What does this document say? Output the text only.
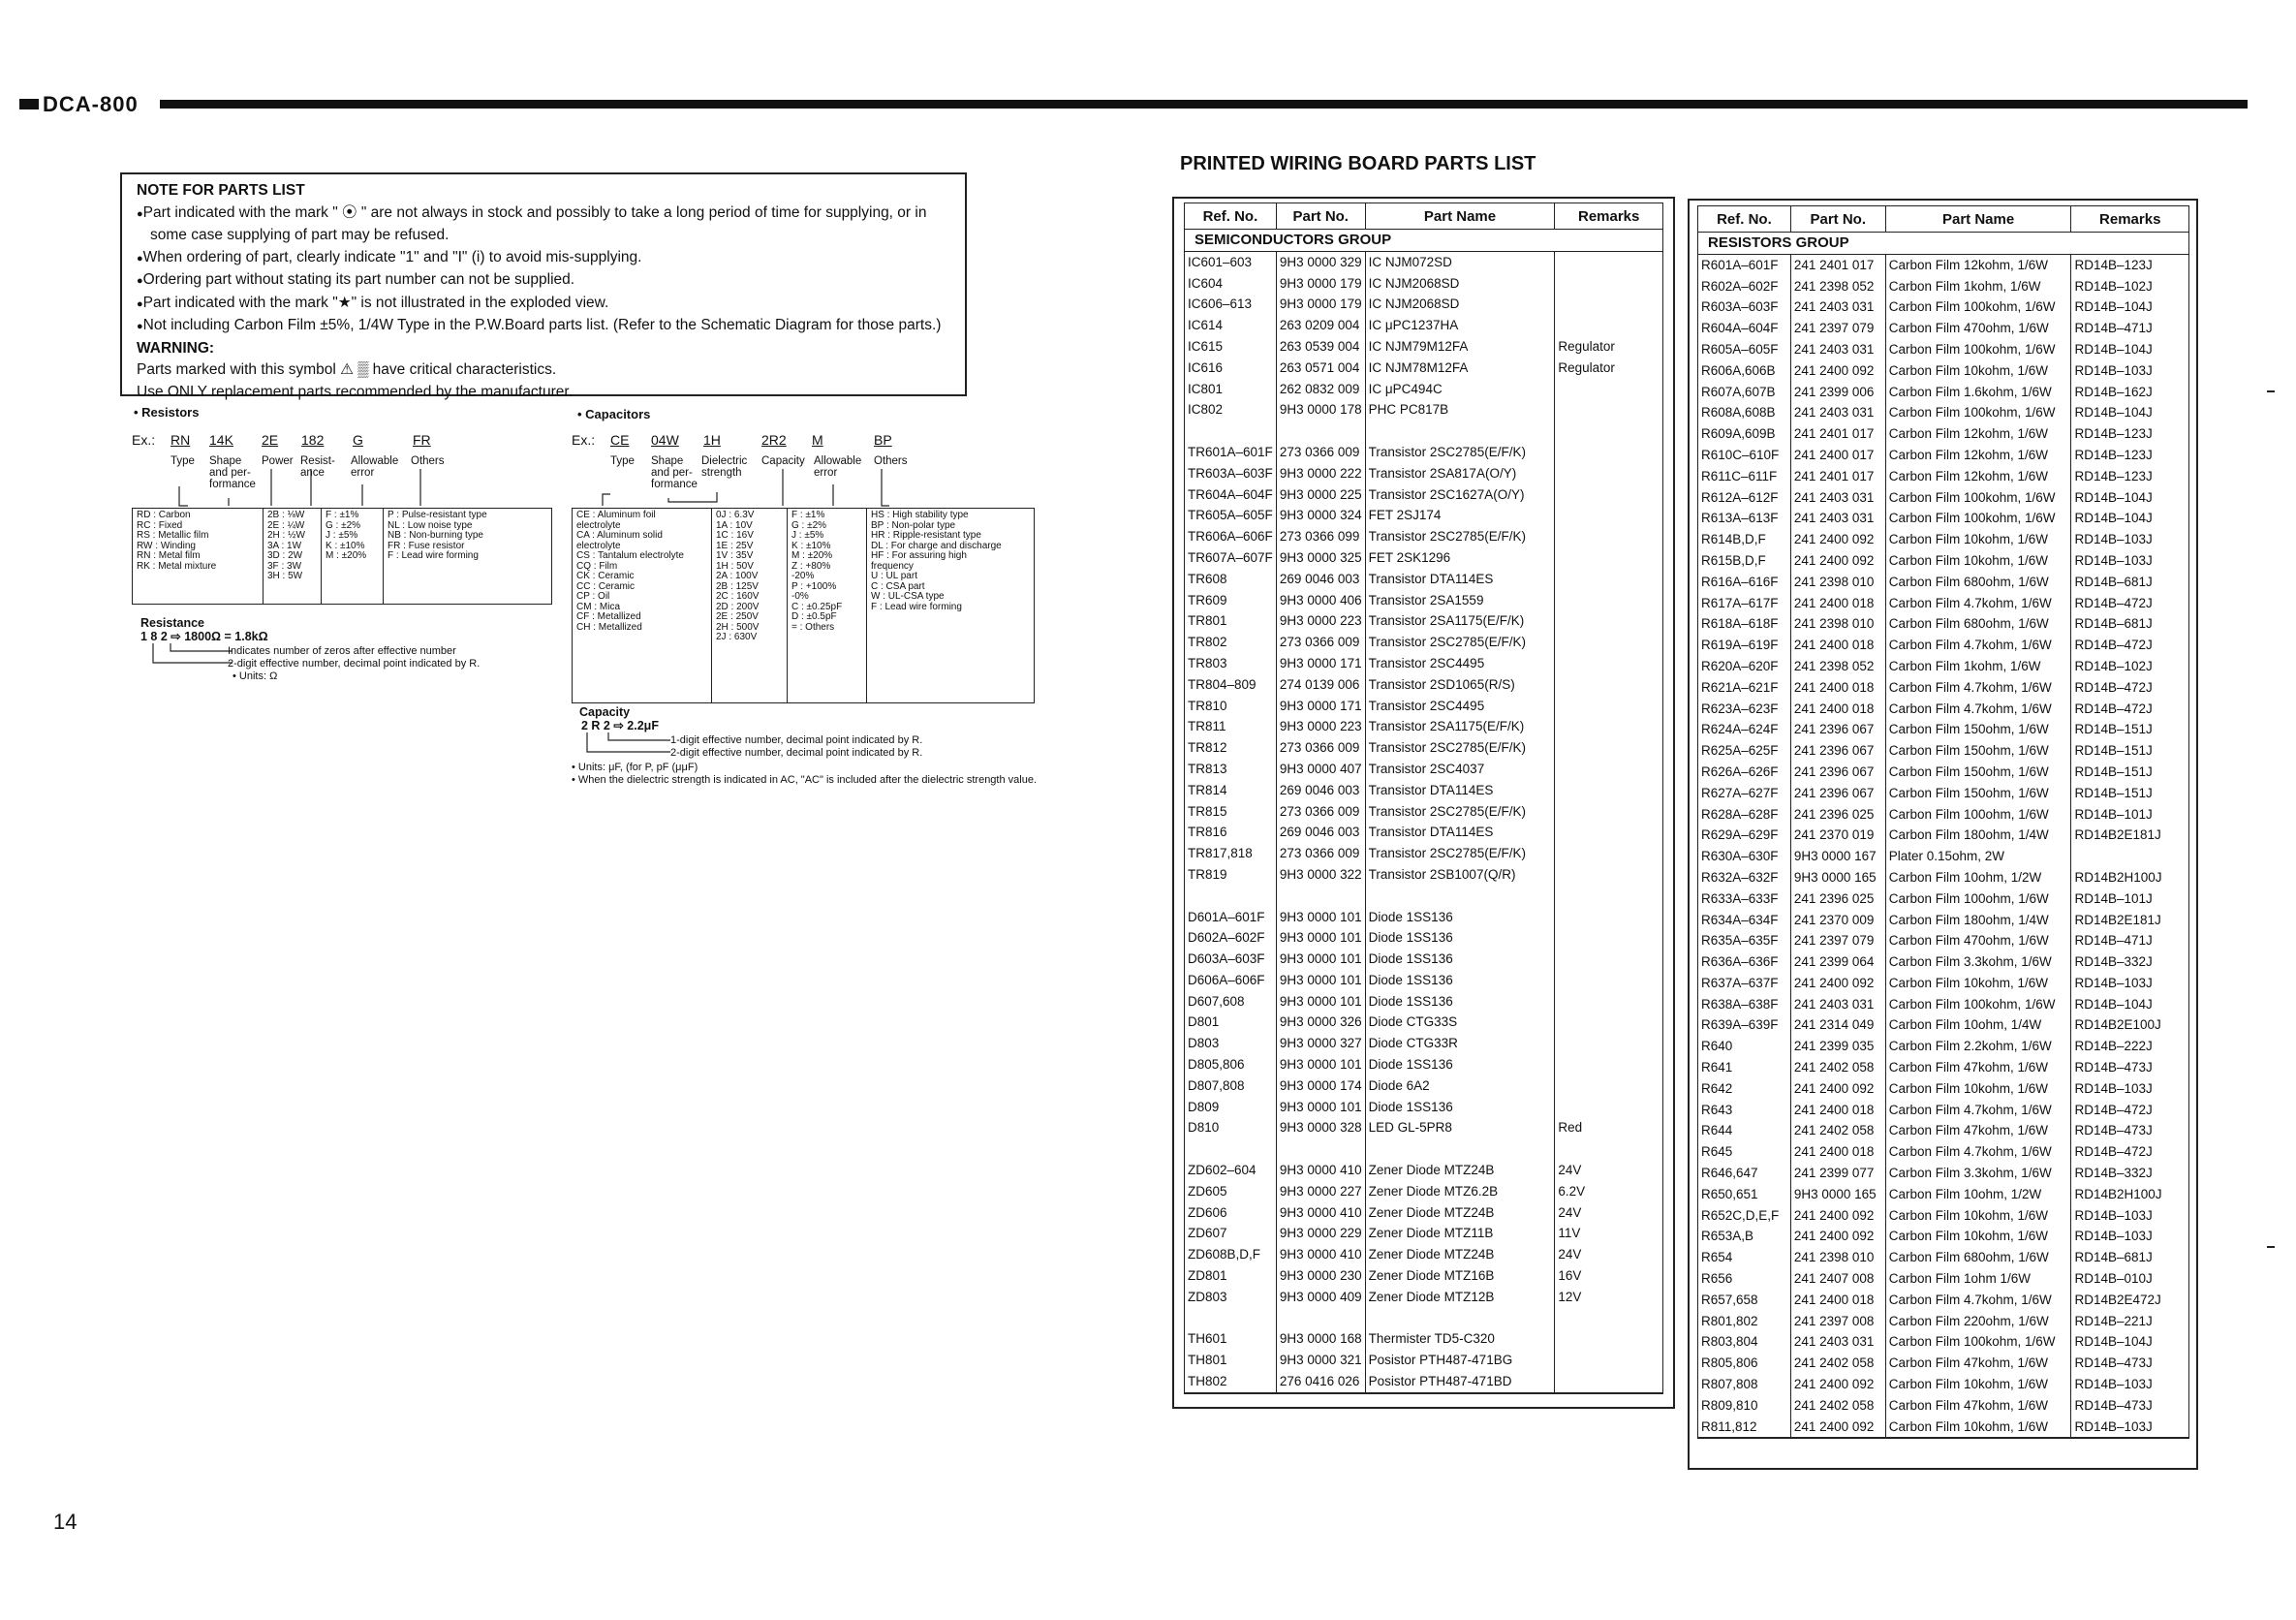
DCA-800
NOTE FOR PARTS LIST
● Part indicated with the mark " ⦿ " are not always in stock and possibly to take a long period of time for supplying, or in some case supplying of part may be refused.
● When ordering of part, clearly indicate "1" and "I" (i) to avoid mis-supplying.
● Ordering part without stating its part number can not be supplied.
● Part indicated with the mark "★" is not illustrated in the exploded view.
● Not including Carbon Film ±5%, 1/4W Type in the P.W.Board parts list. (Refer to the Schematic Diagram for those parts.)
WARNING:
Parts marked with this symbol ⚠ ▒ have critical characteristics.
Use ONLY replacement parts recommended by the manufacturer.
• Resistors
Ex.: RN 14K 2E 182 G	FR
Type Shape
and per-
formance
Power Resist-
ance
Allowable
error
Others
RD : Carbon
RC : Fixed
RS : Metallic film
RW : Winding
RN : Metal film
RK : Metal mixture
2B : ⅛W
2E : ¼W
2H : ½W
3A : 1W
3D : 2W
3F : 3W
3H : 5W
F : ±1%
G : ±2%
J : ±5%
K : ±10%
M : ±20%
P : Pulse-resistant type
NL : Low noise type
NB : Non-burning type
FR : Fuse resistor
F : Lead wire forming
Resistance
1 8 2 ⇨ 1800Ω = 1.8kΩ
Indicates number of zeros after effective number
2-digit effective number, decimal point indicated by R.
• Units: Ω
• Capacitors
Ex.: CE 04W 1H	2R2 M	BP
Type Shape
and per-
formance
Dielectric
strength
Capacity Allowable
error
Others
CE : Aluminum foil
electrolyte
CA : Aluminum solid
electrolyte
CS : Tantalum electrolyte
CQ : Film
CK : Ceramic
CC : Ceramic
CP : Oil
CM : Mica
CF : Metallized
CH : Metallized
0J : 6.3V
1A : 10V
1C : 16V
1E : 25V
1V : 35V
1H : 50V
2A : 100V
2B : 125V
2C : 160V
2D : 200V
2E : 250V
2H : 500V
2J : 630V
F : ±1%
G : ±2%
J : ±5%
K : ±10%
M : ±20%
Z : +80%
-20%
P : +100%
-0%
C : ±0.25pF
D : ±0.5pF
= : Others
HS : High stability type
BP : Non-polar type
HR : Ripple-resistant type
DL : For charge and discharge
HF : For assuring high
frequency
U : UL part
C : CSA part
W : UL-CSA type
F : Lead wire forming
Capacity
2 R 2 ⇨ 2.2μF
1-digit effective number, decimal point indicated by R.
2-digit effective number, decimal point indicated by R.
• Units: μF, (for P, pF (μμF)
• When the dielectric strength is indicated in AC, "AC" is included after the dielectric strength value.
PRINTED WIRING BOARD PARTS LIST
Ref. No.	Part No.	Part Name	Remarks
SEMICONDUCTORS GROUP			
IC601–603	9H3 0000 329	IC NJM072SD	
IC604	9H3 0000 179	IC NJM2068SD	
IC606–613	9H3 0000 179	IC NJM2068SD	
IC614	263 0209 004	IC μPC1237HA	
IC615	263 0539 004	IC NJM79M12FA	Regulator
IC616	263 0571 004	IC NJM78M12FA	Regulator
IC801	262 0832 009	IC μPC494C	
IC802	9H3 0000 178	PHC PC817B	

TR601A–601F	273 0366 009	Transistor 2SC2785(E/F/K)	
TR603A–603F	9H3 0000 222	Transistor 2SA817A(O/Y)	
TR604A–604F	9H3 0000 225	Transistor 2SC1627A(O/Y)	
TR605A–605F	9H3 0000 324	FET 2SJ174	
TR606A–606F	273 0366 099	Transistor 2SC2785(E/F/K)	
TR607A–607F	9H3 0000 325	FET 2SK1296	
TR608	269 0046 003	Transistor DTA114ES	
TR609	9H3 0000 406	Transistor 2SA1559	
TR801	9H3 0000 223	Transistor 2SA1175(E/F/K)	
TR802	273 0366 009	Transistor 2SC2785(E/F/K)	
TR803	9H3 0000 171	Transistor 2SC4495	
TR804–809	274 0139 006	Transistor 2SD1065(R/S)	
TR810	9H3 0000 171	Transistor 2SC4495	
TR811	9H3 0000 223	Transistor 2SA1175(E/F/K)	
TR812	273 0366 009	Transistor 2SC2785(E/F/K)	
TR813	9H3 0000 407	Transistor 2SC4037	
TR814	269 0046 003	Transistor DTA114ES	
TR815	273 0366 009	Transistor 2SC2785(E/F/K)	
TR816	269 0046 003	Transistor DTA114ES	
TR817,818	273 0366 009	Transistor 2SC2785(E/F/K)	
TR819	9H3 0000 322	Transistor 2SB1007(Q/R)	

D601A–601F	9H3 0000 101	Diode 1SS136	
D602A–602F	9H3 0000 101	Diode 1SS136	
D603A–603F	9H3 0000 101	Diode 1SS136	
D606A–606F	9H3 0000 101	Diode 1SS136	
D607,608	9H3 0000 101	Diode 1SS136	
D801	9H3 0000 326	Diode CTG33S	
D803	9H3 0000 327	Diode CTG33R	
D805,806	9H3 0000 101	Diode 1SS136	
D807,808	9H3 0000 174	Diode 6A2	
D809	9H3 0000 101	Diode 1SS136	
D810	9H3 0000 328	LED GL-5PR8	Red

ZD602–604	9H3 0000 410	Zener Diode MTZ24B	24V
ZD605	9H3 0000 227	Zener Diode MTZ6.2B	6.2V
ZD606	9H3 0000 410	Zener Diode MTZ24B	24V
ZD607	9H3 0000 229	Zener Diode MTZ11B	11V
ZD608B,D,F	9H3 0000 410	Zener Diode MTZ24B	24V
ZD801	9H3 0000 230	Zener Diode MTZ16B	16V
ZD803	9H3 0000 409	Zener Diode MTZ12B	12V

TH601	9H3 0000 168	Thermister TD5-C320	
TH801	9H3 0000 321	Posistor PTH487-471BG	
TH802	276 0416 026	Posistor PTH487-471BD	
Ref. No.	Part No.	Part Name	Remarks
RESISTORS GROUP			
R601A–601F	241 2401 017	Carbon Film 12kohm, 1/6W	RD14B–123J
R602A–602F	241 2398 052	Carbon Film 1kohm, 1/6W	RD14B–102J
R603A–603F	241 2403 031	Carbon Film 100kohm, 1/6W	RD14B–104J
R604A–604F	241 2397 079	Carbon Film 470ohm, 1/6W	RD14B–471J
R605A–605F	241 2403 031	Carbon Film 100kohm, 1/6W	RD14B–104J
R606A,606B	241 2400 092	Carbon Film 10kohm, 1/6W	RD14B–103J
R607A,607B	241 2399 006	Carbon Film 1.6kohm, 1/6W	RD14B–162J
R608A,608B	241 2403 031	Carbon Film 100kohm, 1/6W	RD14B–104J
R609A,609B	241 2401 017	Carbon Film 12kohm, 1/6W	RD14B–123J
R610C–610F	241 2400 017	Carbon Film 12kohm, 1/6W	RD14B–123J
R611C–611F	241 2401 017	Carbon Film 12kohm, 1/6W	RD14B–123J
R612A–612F	241 2403 031	Carbon Film 100kohm, 1/6W	RD14B–104J
R613A–613F	241 2403 031	Carbon Film 100kohm, 1/6W	RD14B–104J
R614B,D,F	241 2400 092	Carbon Film 10kohm, 1/6W	RD14B–103J
R615B,D,F	241 2400 092	Carbon Film 10kohm, 1/6W	RD14B–103J
R616A–616F	241 2398 010	Carbon Film 680ohm, 1/6W	RD14B–681J
R617A–617F	241 2400 018	Carbon Film 4.7kohm, 1/6W	RD14B–472J
R618A–618F	241 2398 010	Carbon Film 680ohm, 1/6W	RD14B–681J
R619A–619F	241 2400 018	Carbon Film 4.7kohm, 1/6W	RD14B–472J
R620A–620F	241 2398 052	Carbon Film 1kohm, 1/6W	RD14B–102J
R621A–621F	241 2400 018	Carbon Film 4.7kohm, 1/6W	RD14B–472J
R623A–623F	241 2400 018	Carbon Film 4.7kohm, 1/6W	RD14B–472J
R624A–624F	241 2396 067	Carbon Film 150ohm, 1/6W	RD14B–151J
R625A–625F	241 2396 067	Carbon Film 150ohm, 1/6W	RD14B–151J
R626A–626F	241 2396 067	Carbon Film 150ohm, 1/6W	RD14B–151J
R627A–627F	241 2396 067	Carbon Film 150ohm, 1/6W	RD14B–151J
R628A–628F	241 2396 025	Carbon Film 100ohm, 1/6W	RD14B–101J
R629A–629F	241 2370 019	Carbon Film 180ohm, 1/4W	RD14B2E181J
R630A–630F	9H3 0000 167	Plater 0.15ohm, 2W	
R632A–632F	9H3 0000 165	Carbon Film 10ohm, 1/2W	RD14B2H100J
R633A–633F	241 2396 025	Carbon Film 100ohm, 1/6W	RD14B–101J
R634A–634F	241 2370 009	Carbon Film 180ohm, 1/4W	RD14B2E181J
R635A–635F	241 2397 079	Carbon Film 470ohm, 1/6W	RD14B–471J
R636A–636F	241 2399 064	Carbon Film 3.3kohm, 1/6W	RD14B–332J
R637A–637F	241 2400 092	Carbon Film 10kohm, 1/6W	RD14B–103J
R638A–638F	241 2403 031	Carbon Film 100kohm, 1/6W	RD14B–104J
R639A–639F	241 2314 049	Carbon Film 10ohm, 1/4W	RD14B2E100J
R640	241 2399 035	Carbon Film 2.2kohm, 1/6W	RD14B–222J
R641	241 2402 058	Carbon Film 47kohm, 1/6W	RD14B–473J
R642	241 2400 092	Carbon Film 10kohm, 1/6W	RD14B–103J
R643	241 2400 018	Carbon Film 4.7kohm, 1/6W	RD14B–472J
R644	241 2402 058	Carbon Film 47kohm, 1/6W	RD14B–473J
R645	241 2400 018	Carbon Film 4.7kohm, 1/6W	RD14B–472J
R646,647	241 2399 077	Carbon Film 3.3kohm, 1/6W	RD14B–332J
R650,651	9H3 0000 165	Carbon Film 10ohm, 1/2W	RD14B2H100J
R652C,D,E,F	241 2400 092	Carbon Film 10kohm, 1/6W	RD14B–103J
R653A,B	241 2400 092	Carbon Film 10kohm, 1/6W	RD14B–103J
R654	241 2398 010	Carbon Film 680ohm, 1/6W	RD14B–681J
R656	241 2407 008	Carbon Film 1ohm 1/6W	RD14B–010J
R657,658	241 2400 018	Carbon Film 4.7kohm, 1/6W	RD14B2E472J
R801,802	241 2397 008	Carbon Film 220ohm, 1/6W	RD14B–221J
R803,804	241 2403 031	Carbon Film 100kohm, 1/6W	RD14B–104J
R805,806	241 2402 058	Carbon Film 47kohm, 1/6W	RD14B–473J
R807,808	241 2400 092	Carbon Film 10kohm, 1/6W	RD14B–103J
R809,810	241 2402 058	Carbon Film 47kohm, 1/6W	RD14B–473J
R811,812	241 2400 092	Carbon Film 10kohm, 1/6W	RD14B–103J
14
